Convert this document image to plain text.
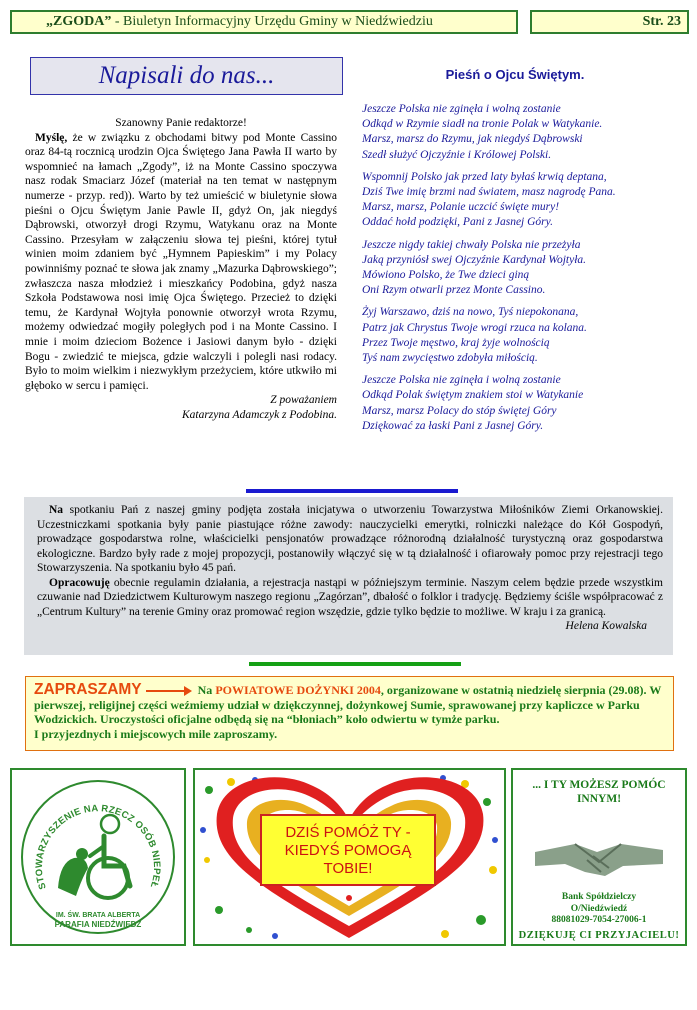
„ZGODA” - Biuletyn Informacyjny Urzędu Gminy w Niedźwiedziu	Str. 23
Napisali do nas...

Szanowny Panie redaktorze!

Myślę, że w związku z obchodami bitwy pod Monte Cassino oraz 84-tą rocznicą urodzin Ojca Świętego Jana Pawła II warto by wspomnieć na łamach „Zgody”, iż na Monte Cassino spoczywa nasz rodak Smaciarz Józef (materiał na ten temat w następnym numerze - przyp. red)). Warto by też umieścić w biuletynie słowa pieśni o Ojcu Świętym Janie Pawle II, gdyż On, jak niegdyś Dąbrowski, otworzył drogi Rzymu, Watykanu oraz na Monte Cassino. Przesyłam w załączeniu słowa tej pieśni, której tytuł winien moim zdaniem być „Hymnem Papieskim” i my Polacy powinniśmy poznać te słowa jak znamy „Mazurka Dąbrowskiego”; zwłaszcza nasza młodzież i mieszkańcy Podobina, gdyż nasza Szkoła Podstawowa nosi imię Ojca Świętego. Przecież to dzięki temu, że Kardynał Wojtyła ponownie otworzył wrota Rzymu, możemy odwiedzać mogiły poległych pod i na Monte Cassino. I mnie i moim dzieciom Bożence i Jasiowi danym było - dzięki Bogu - zwiedzić te miejsca, gdzie walczyli i polegli nasi rodacy. Było to moim wielkim i niezwykłym przeżyciem, które utkwiło mi głęboko w sercu i pamięci.

Z poważaniem

Katarzyna Adamczyk z Podobina.

Pieśń o Ojcu Świętym.
Jeszcze Polska nie zginęła i wolną zostanie
Odkąd w Rzymie siadł na tronie Polak w Watykanie.
Marsz, marsz do Rzymu, jak niegdyś Dąbrowski
Szedł służyć Ojczyźnie i Królowej Polski.
Wspomnij Polsko jak przed laty byłaś krwią deptana,
Dziś Twe imię brzmi nad światem, masz nagrodę Pana.
Marsz, marsz, Polanie uczcić święte mury!
Oddać hołd podzięki, Pani z Jasnej Góry.
Jeszcze nigdy takiej chwały Polska nie przeżyła
Jaką przyniósł swej Ojczyźnie Kardynał Wojtyła.
Mówiono Polsko, że Twe dzieci giną
Oni Rzym otwarli przez Monte Cassino.
Żyj Warszawo, dziś na nowo, Tyś niepokonana,
Patrz jak Chrystus Twoje wrogi rzuca na kolana.
Przez Twoje męstwo, kraj żyje wolnością
Tyś nam zwycięstwo zdobyła miłością.
Jeszcze Polska nie zginęła i wolną zostanie
Odkąd Polak świętym znakiem stoi w Watykanie
Marsz, marsz Polacy do stóp świętej Góry
Dziękować za łaski Pani z Jasnej Góry.

Na spotkaniu Pań z naszej gminy podjęta została inicjatywa o utworzeniu Towarzystwa Miłośników Ziemi Orkanowskiej. Uczestniczkami spotkania były panie piastujące różne zawody: nauczycielki emerytki, rolniczki należące do Kół Gospodyń, prowadzące gospodarstwa rolne, właścicielki pensjonatów prowadzące różnorodną działalność turystyczną oraz gospodarstwa ekologiczne. Bardzo były rade z mojej propozycji, postanowiły włączyć się w tą działalność i ofiarowały pomoc przy rejestracji tego Stowarzyszenia. Na spotkaniu było 45 pań.

Opracowuję obecnie regulamin działania, a rejestracja nastąpi w późniejszym terminie. Naszym celem będzie przede wszystkim czuwanie nad Dziedzictwem Kulturowym naszego regionu „Zagórzan”, dbałość o folklor i tradycję. Będziemy ściśle współpracować z „Centrum Kultury” na terenie Gminy oraz promować region wszędzie, gdzie tylko będzie to możliwe. W kraju i za granicą.
Helena Kowalska

ZAPRASZAMY	Na POWIATOWE DOŻYNKI 2004, organizowane w ostatnią niedzielę sierpnia (29.08). W pierwszej, religijnej części weźmiemy udział w dziękczynnej, dożynkowej Sumie, sprawowanej przy kapliczce w Parku Wodzickich. Uroczystości oficjalne odbędą się na “błoniach” koło odwiertu w tymże parku.
I przyjezdnych i miejscowych mile zaproszamy.
STOWARZYSZENIE NA RZECZ OSÓB NIEPEŁ
IM. ŚW. BRATA ALBERTA
PARAFIA NIEDŹWIEDŹ
DZIŚ POMÓŻ TY -
KIEDYŚ POMOGĄ
TOBIE!
... I TY MOŻESZ POMÓC
INNYM!
Bank Spółdzielczy
O/Niedźwiedź
88081029-7054-27006-1
DZIĘKUJĘ CI PRZYJACIELU!
